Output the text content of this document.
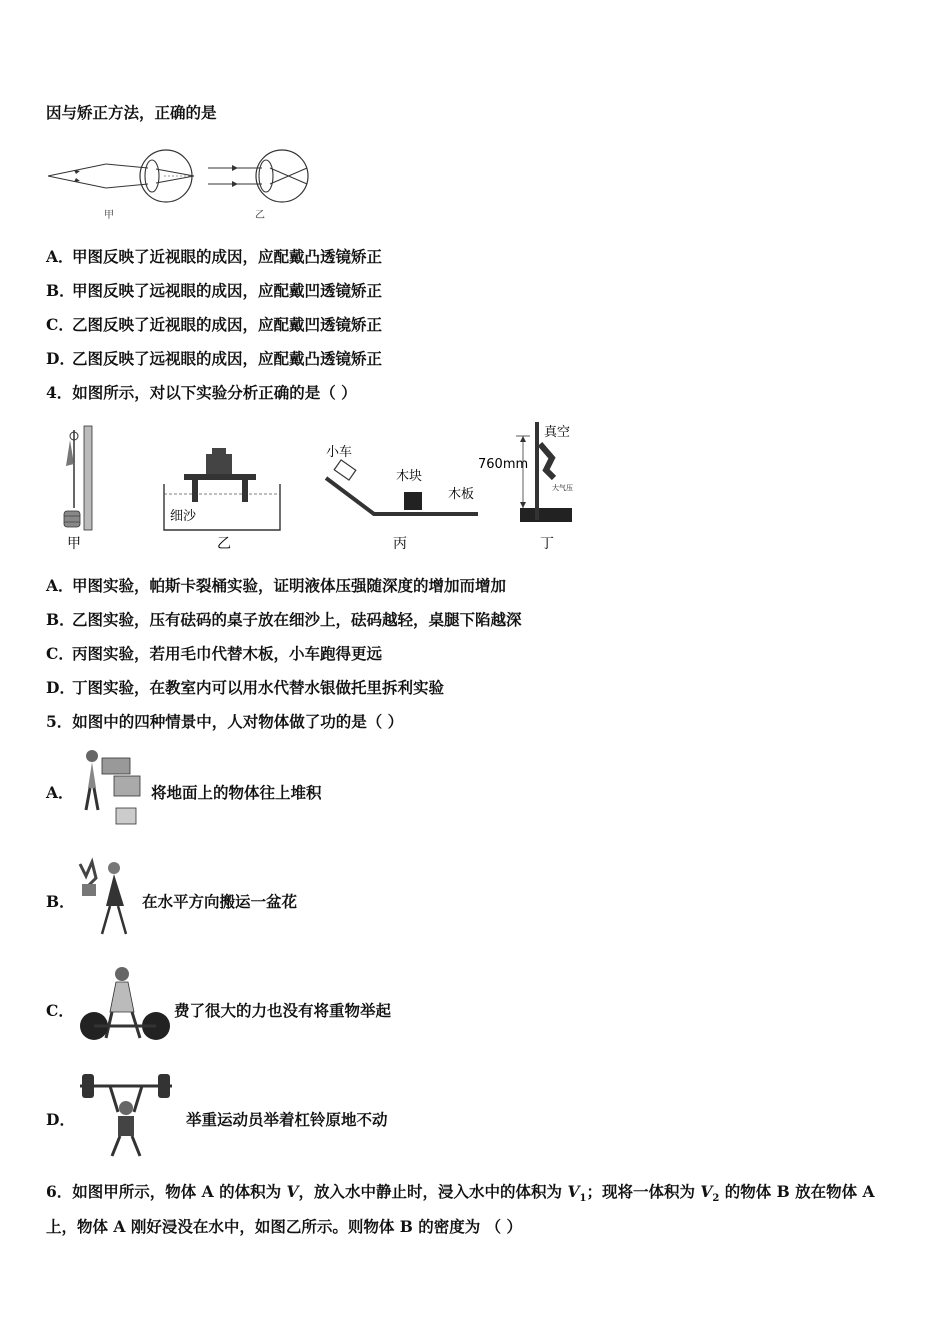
因与矫正方法，正确的是
甲	乙
A．
甲图反映了近视眼的成因，应配戴凸透镜矫正
B．
甲图反映了远视眼的成因，应配戴凹透镜矫正
C．
乙图反映了近视眼的成因，应配戴凹透镜矫正
D．
乙图反映了远视眼的成因，应配戴凸透镜矫正
4．如图所示，对以下实验分析正确的是（ ）
甲
细沙
乙
小车
木块
木板
丙
真空
760mm
大气压
丁
A．
甲图实验，帕斯卡裂桶实验，证明液体压强随深度的增加而增加
B．
乙图实验，压有砝码的桌子放在细沙上，砝码越轻，桌腿下陷越深
C．
丙图实验，若用毛巾代替木板，小车跑得更远
D．
丁图实验，在教室内可以用水代替水银做托里拆利实验
5．如图中的四种情景中，人对物体做了功的是（ ）
A．	将地面上的物体往上堆积
B．	在水平方向搬运一盆花
C．	费了很大的力也没有将重物举起
D．	举重运动员举着杠铃原地不动
6．如图甲所示，物体 A 的体积为 V，放入水中静止时，浸入水中的体积为 $V_1$；现将一体积为 $V_2$ 的物体 B 放在物体 A
上，物体 A 刚好浸没在水中，如图乙所示。则物体 B 的密度为 （ ）
